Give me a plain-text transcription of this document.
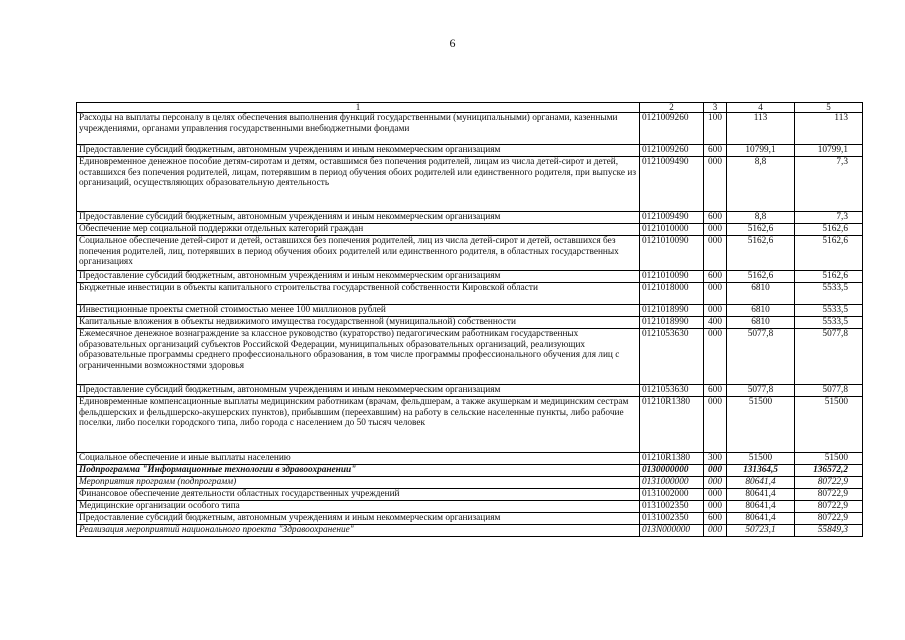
6
1	2	3	4	5
Расходы на выплаты персоналу в целях обеспечения выполнения функций государственными (муниципальными) органами, казенными учреждениями, органами управления государственными внебюджетными фондами	0121009260	100	113	113
Предоставление субсидий бюджетным, автономным учреждениям и иным некоммерческим организациям	0121009260	600	10799,1	10799,1
Единовременное денежное пособие детям-сиротам и детям, оставшимся без попечения родителей, лицам из числа детей-сирот и детей, оставшихся без попечения родителей, лицам, потерявшим в период обучения обоих родителей или единственного родителя, при выпуске из организаций, осуществляющих образовательную деятельность	0121009490	000	8,8	7,3
Предоставление субсидий бюджетным, автономным учреждениям и иным некоммерческим организациям	0121009490	600	8,8	7,3
Обеспечение мер социальной поддержки отдельных категорий граждан	0121010000	000	5162,6	5162,6
Социальное обеспечение детей-сирот и детей, оставшихся без попечения родителей, лиц из числа детей-сирот и детей, оставшихся без попечения родителей, лиц, потерявших в период обучения обоих родителей или единственного родителя, в областных государственных организациях	0121010090	000	5162,6	5162,6
Предоставление субсидий бюджетным, автономным учреждениям и иным некоммерческим организациям	0121010090	600	5162,6	5162,6
Бюджетные инвестиции в объекты капитального строительства государственной собственности Кировской области	0121018000	000	6810	5533,5
Инвестиционные проекты сметной стоимостью менее 100 миллионов рублей	0121018990	000	6810	5533,5
Капитальные вложения в объекты недвижимого имущества государственной (муниципальной) собственности	0121018990	400	6810	5533,5
Ежемесячное денежное вознаграждение за классное руководство (кураторство) педагогическим работникам государственных образовательных организаций субъектов Российской Федерации, муниципальных образовательных организаций, реализующих образовательные программы среднего профессионального образования, в том числе программы профессионального обучения для лиц с ограниченными возможностями здоровья	0121053630	000	5077,8	5077,8
Предоставление субсидий бюджетным, автономным учреждениям и иным некоммерческим организациям	0121053630	600	5077,8	5077,8
Единовременные компенсационные выплаты медицинским работникам (врачам, фельдшерам, а также акушеркам и медицинским сестрам фельдшерских и фельдшерско-акушерских пунктов), прибывшим (переехавшим) на работу в сельские населенные пункты, либо рабочие поселки, либо поселки городского типа, либо города с населением до 50 тысяч человек	01210R1380	000	51500	51500
Социальное обеспечение и иные выплаты населению	01210R1380	300	51500	51500
Подпрограмма "Информационные технологии в здравоохранении"	0130000000	000	131364,5	136572,2
Мероприятия программ (подпрограмм)	0131000000	000	80641,4	80722,9
Финансовое обеспечение деятельности областных государственных учреждений	0131002000	000	80641,4	80722,9
Медицинские организации особого типа	0131002350	000	80641,4	80722,9
Предоставление субсидий бюджетным, автономным учреждениям и иным некоммерческим организациям	0131002350	600	80641,4	80722,9
Реализация мероприятий национального проекта "Здравоохранение"	013N000000	000	50723,1	55849,3
